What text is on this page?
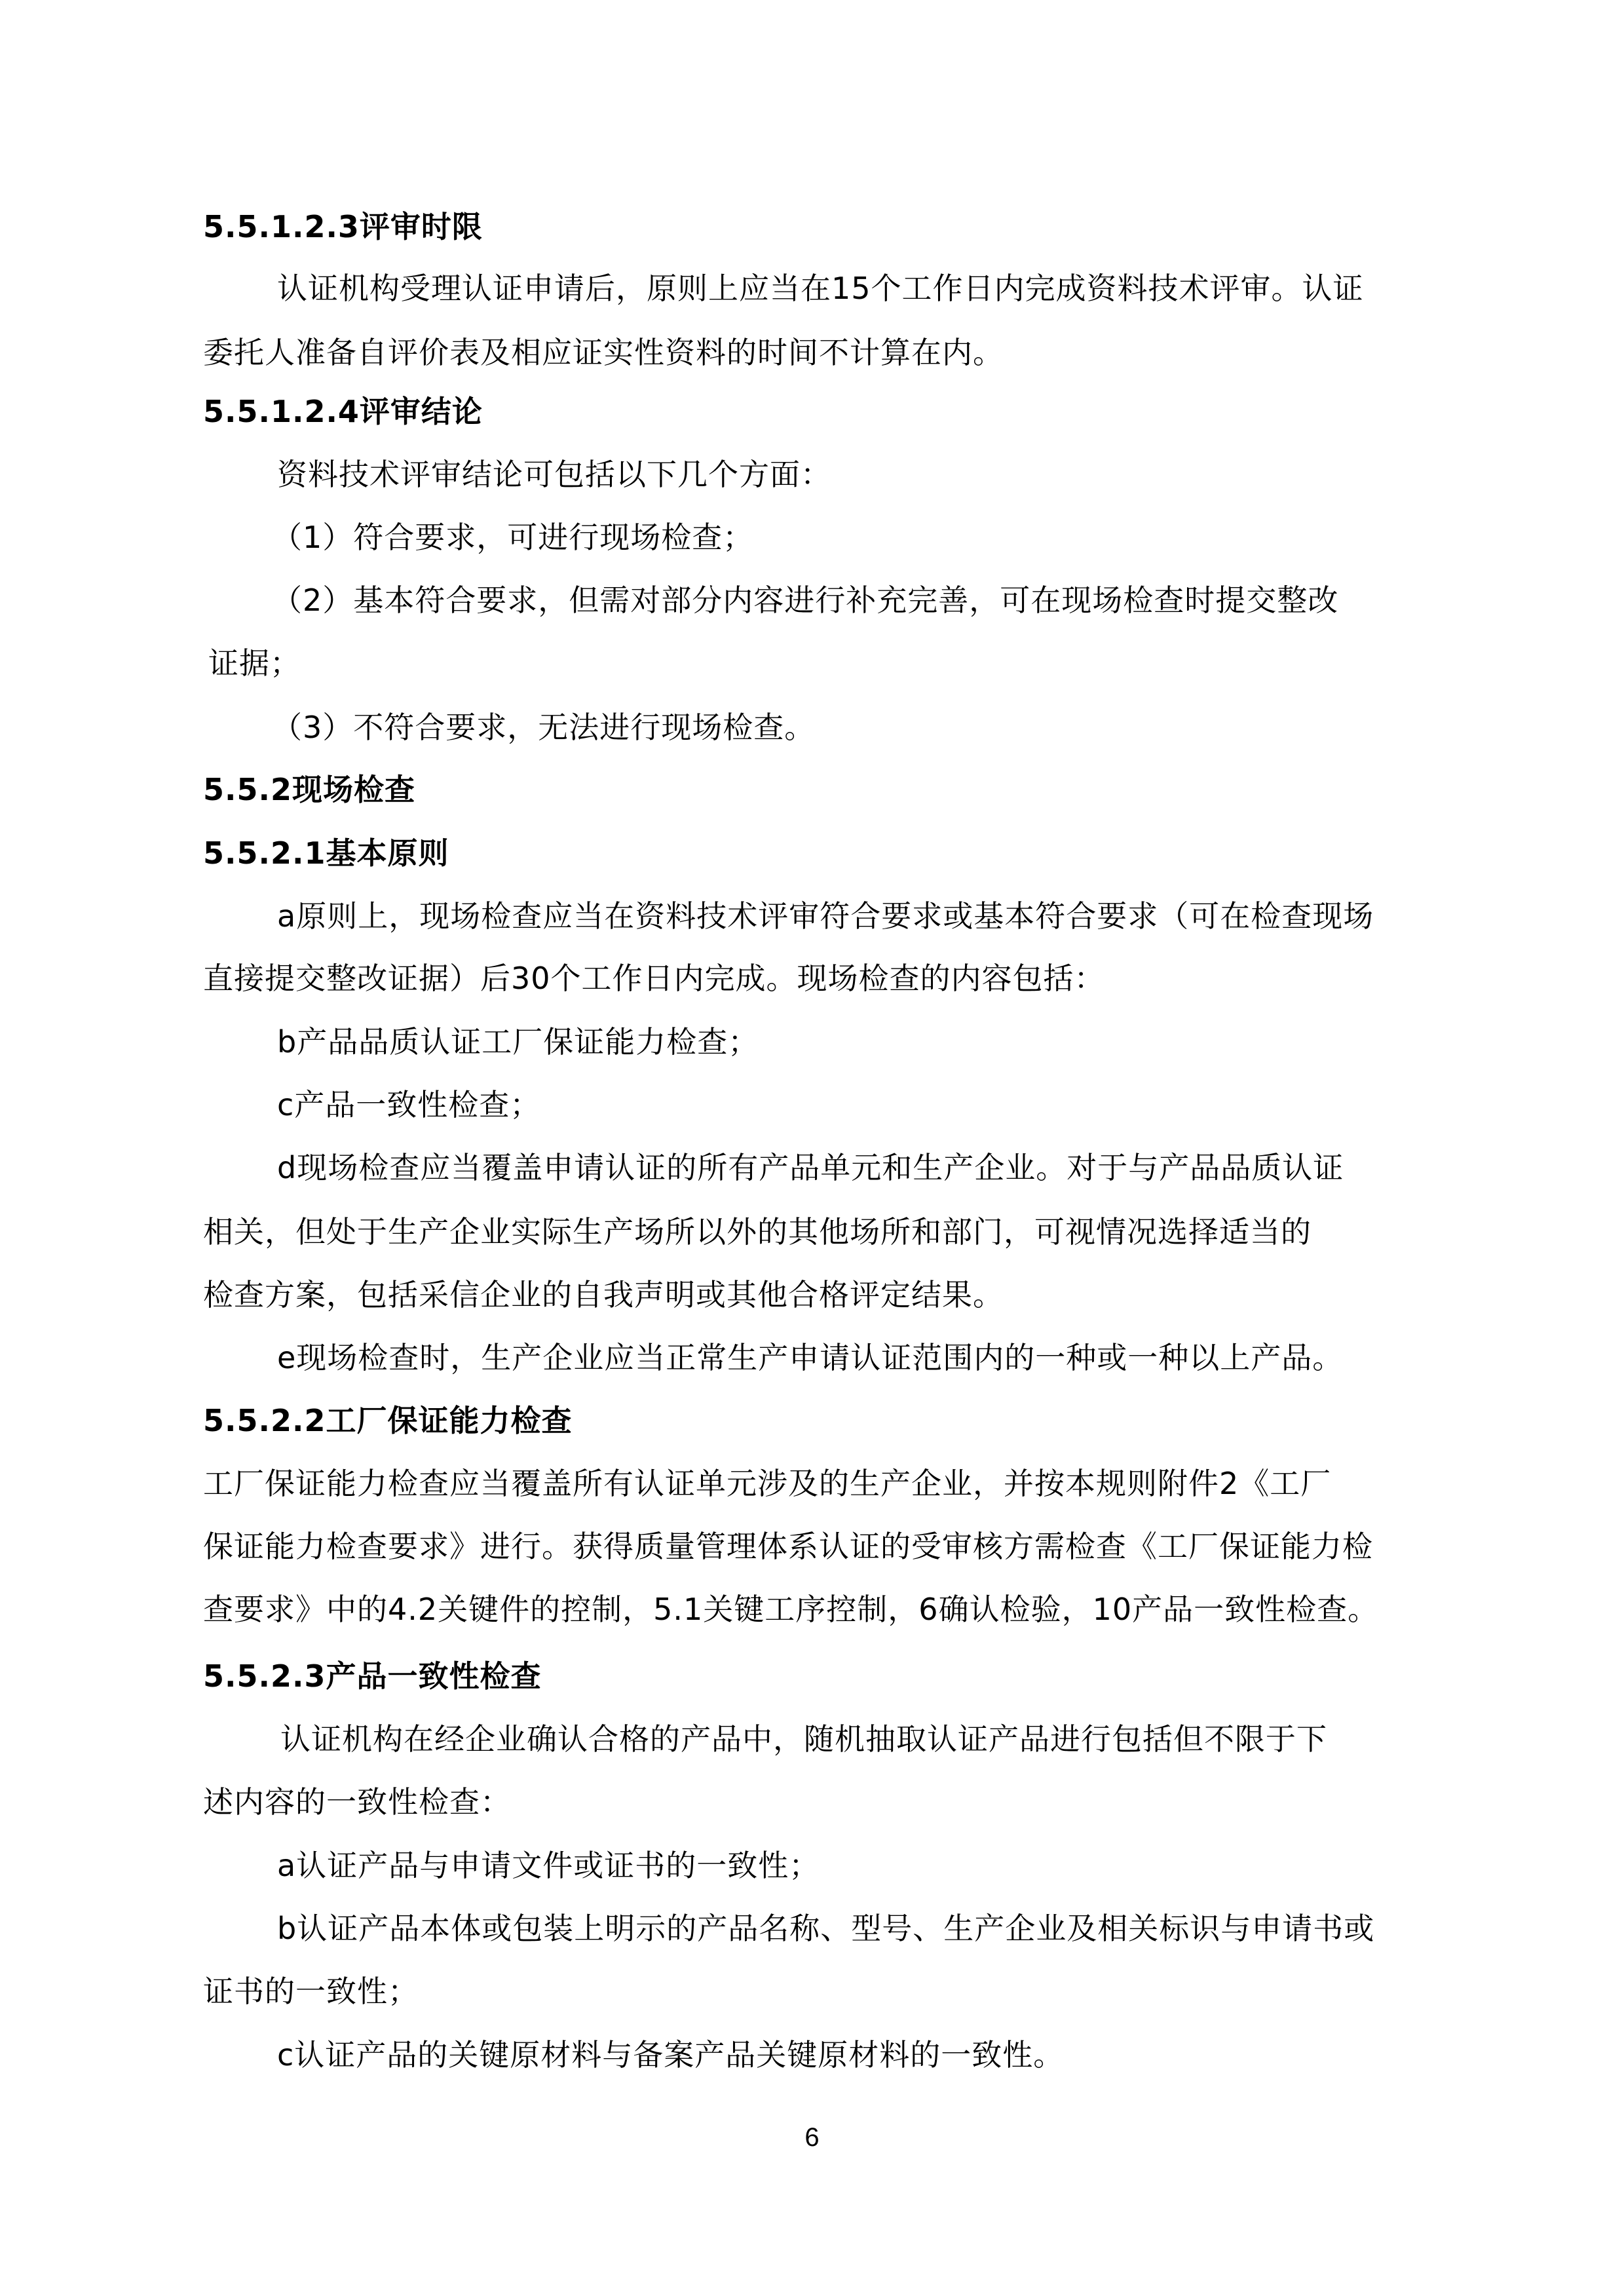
5.5.1.2.3评审时限
认证机构受理认证申请后，原则上应当在15个工作日内完成资料技术评审。认证
委托人准备自评价表及相应证实性资料的时间不计算在内。
5.5.1.2.4评审结论
资料技术评审结论可包括以下几个方面：
（1）符合要求，可进行现场检查；
（2）基本符合要求，但需对部分内容进行补充完善，可在现场检查时提交整改
证据；
（3）不符合要求，无法进行现场检查。
5.5.2现场检查
5.5.2.1基本原则
a原则上，现场检查应当在资料技术评审符合要求或基本符合要求（可在检查现场
直接提交整改证据）后30个工作日内完成。现场检查的内容包括：
b产品品质认证工厂保证能力检查；
c产品一致性检查；
d现场检查应当覆盖申请认证的所有产品单元和生产企业。对于与产品品质认证
相关，但处于生产企业实际生产场所以外的其他场所和部门，可视情况选择适当的
检查方案，包括采信企业的自我声明或其他合格评定结果。
e现场检查时，生产企业应当正常生产申请认证范围内的一种或一种以上产品。
5.5.2.2工厂保证能力检查
工厂保证能力检查应当覆盖所有认证单元涉及的生产企业，并按本规则附件2《工厂
保证能力检查要求》进行。获得质量管理体系认证的受审核方需检查《工厂保证能力检
查要求》中的4.2关键件的控制，5.1关键工序控制，6确认检验，10产品一致性检查。
5.5.2.3产品一致性检查
认证机构在经企业确认合格的产品中，随机抽取认证产品进行包括但不限于下
述内容的一致性检查：
a认证产品与申请文件或证书的一致性；
b认证产品本体或包装上明示的产品名称、型号、生产企业及相关标识与申请书或
证书的一致性；
c认证产品的关键原材料与备案产品关键原材料的一致性。
6
